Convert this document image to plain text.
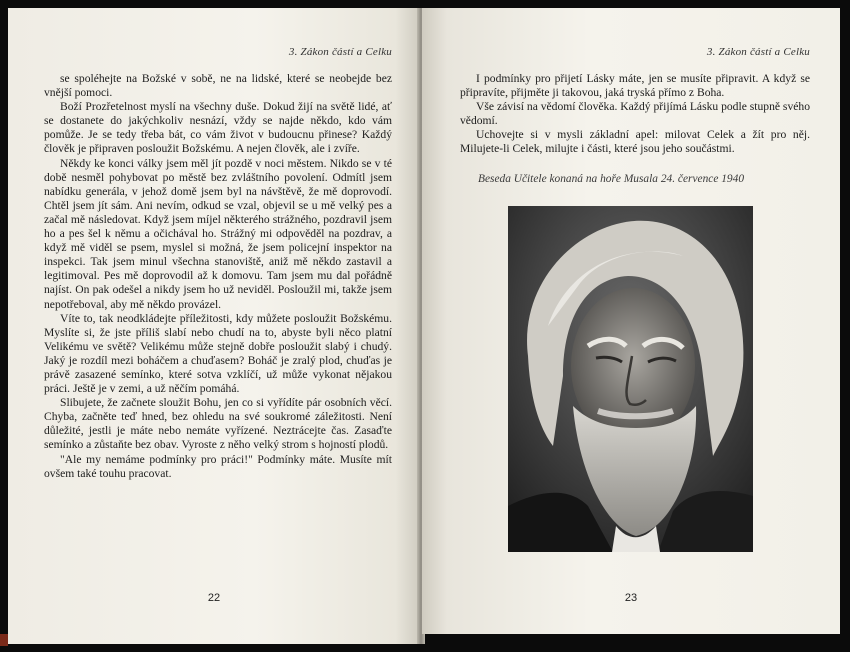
3. Zákon částí a Celku

se spoléhejte na Božské v sobě, ne na lidské, které se neobejde bez vnější pomoci.

Boží Prozřetelnost myslí na všechny duše. Dokud žijí na světě lidé, ať se dostanete do jakýchkoliv nesnází, vždy se najde někdo, kdo vám pomůže. Je se tedy třeba bát, co vám život v budoucnu přinese? Každý člověk je připraven posloužit Božskému. A nejen člověk, ale i zvíře.

Někdy ke konci války jsem měl jít pozdě v noci městem. Nikdo se v té době nesměl pohybovat po městě bez zvláštního povolení. Odmítl jsem nabídku generála, v jehož domě jsem byl na návštěvě, že mě doprovodí. Chtěl jsem jít sám. Ani nevím, odkud se vzal, objevil se u mě velký pes a začal mě následovat. Když jsem míjel některého strážného, pozdravil jsem ho a pes šel k němu a očichával ho. Strážný mi odpověděl na pozdrav, a když mě viděl se psem, myslel si možná, že jsem policejní inspektor na inspekci. Tak jsem minul všechna stanoviště, aniž mě někdo zastavil a legitimoval. Pes mě doprovodil až k domovu. Tam jsem mu dal pořádně najíst. On pak odešel a nikdy jsem ho už neviděl. Posloužil mi, takže jsem nepotřeboval, aby mě někdo provázel.

Víte to, tak neodkládejte příležitosti, kdy můžete posloužit Božskému. Myslíte si, že jste příliš slabí nebo chudí na to, abyste byli něco platní Velikému ve světě? Velikému může stejně dobře posloužit slabý i chudý. Jaký je rozdíl mezi boháčem a chuďasem? Boháč je zralý plod, chuďas je právě zasazené semínko, které sotva vzklíčí, už může vykonat nějakou práci. Ještě je v zemi, a už něčím pomáhá.

Slibujete, že začnete sloužit Bohu, jen co si vyřídíte pár osobních věcí. Chyba, začněte teď hned, bez ohledu na své soukromé záležitosti. Není důležité, jestli je máte nebo nemáte vyřízené. Neztrácejte čas. Zasaďte semínko a zůstaňte bez obav. Vyroste z něho velký strom s hojností plodů.

"Ale my nemáme podmínky pro práci!" Podmínky máte. Musíte mít ovšem také touhu pracovat.

22
3. Zákon částí a Celku

I podmínky pro přijetí Lásky máte, jen se musíte připravit. A když se připravíte, přijměte ji takovou, jaká tryská přímo z Boha.

Vše závisí na vědomí člověka. Každý přijímá Lásku podle stupně svého vědomí.

Uchovejte si v mysli základní apel: milovat Celek a žít pro něj. Milujete-li Celek, milujte i části, které jsou jeho součástmi.

Beseda Učitele konaná na hoře Musala 24. července 1940
23
